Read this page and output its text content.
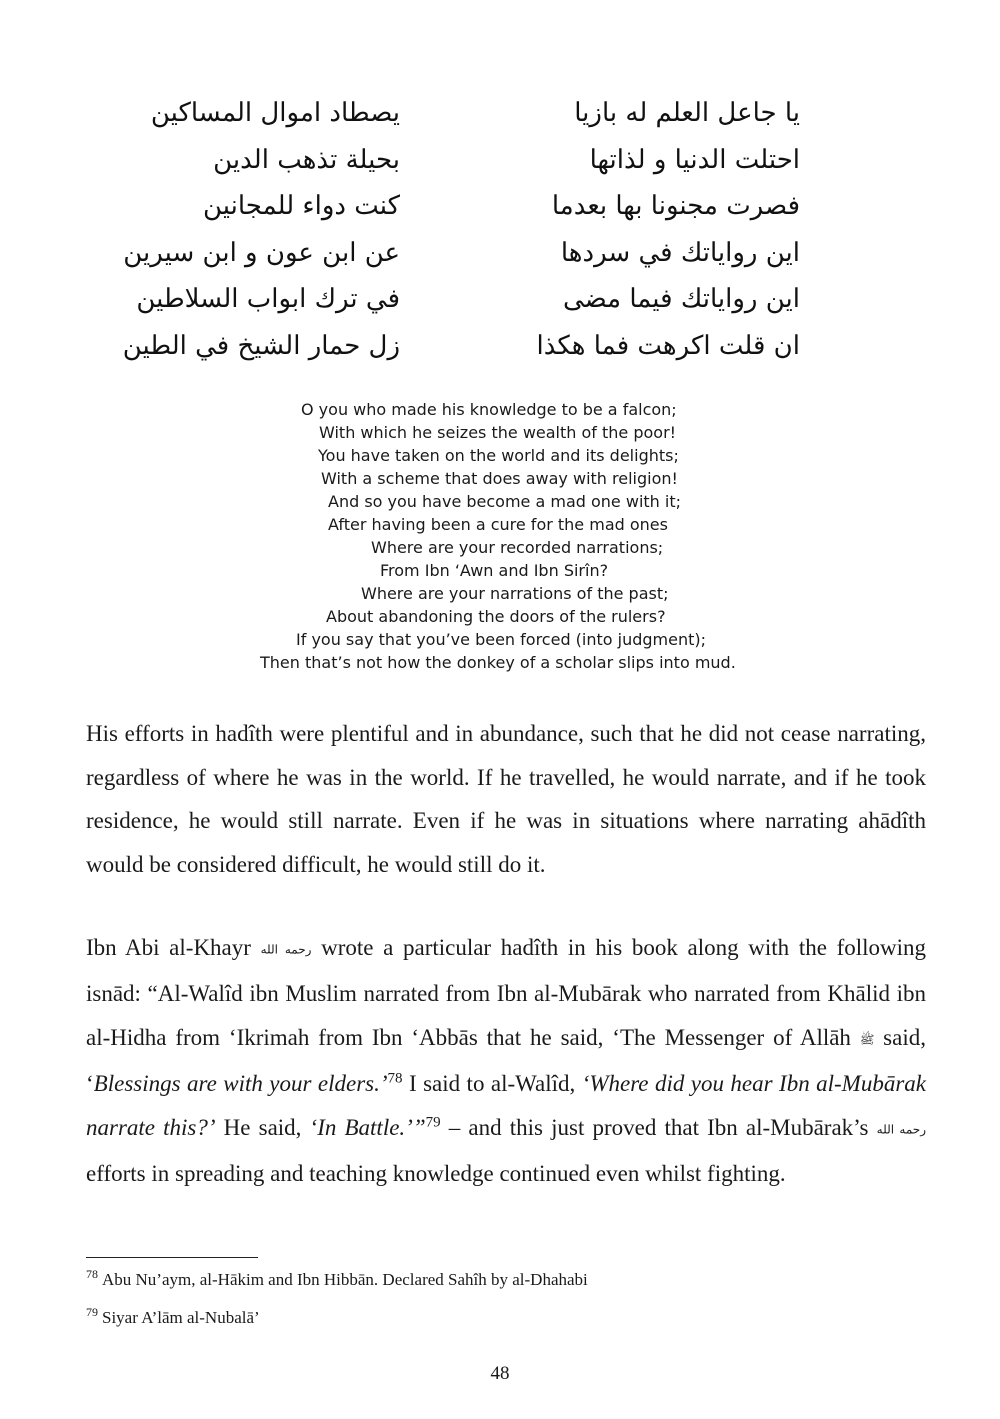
يا جاعل العلم له بازيا
احتلت الدنيا و لذاتها
فصرت مجنونا بها بعدما
اين رواياتك في سردها
اين رواياتك فيما مضى
ان قلت اكرهت فما هكذا
يصطاد اموال المساكين
بحيلة تذهب الدين
كنت دواء للمجانين
عن ابن عون و ابن سيرين
في ترك ابواب السلاطين
زل حمار الشيخ في الطين
O you who made his knowledge to be a falcon;
With which he seizes the wealth of the poor!
You have taken on the world and its delights;
With a scheme that does away with religion!
And so you have become a mad one with it;
After having been a cure for the mad ones
Where are your recorded narrations;
From Ibn ‘Awn and Ibn Sirîn?
Where are your narrations of the past;
About abandoning the doors of the rulers?
If you say that you’ve been forced (into judgment);
Then that’s not how the donkey of a scholar slips into mud.

His efforts in hadîth were plentiful and in abundance, such that he did not cease narrating, regardless of where he was in the world. If he travelled, he would narrate, and if he took residence, he would still narrate. Even if he was in situations where narrating ahādîth would be considered difficult, he would still do it.

Ibn Abi al-Khayr رحمه الله wrote a particular hadîth in his book along with the following isnād: “Al-Walîd ibn Muslim narrated from Ibn al-Mubārak who narrated from Khālid ibn al-Hidha from ‘Ikrimah from Ibn ‘Abbās that he said, ‘The Messenger of Allāh ﷺ said, ‘Blessings are with your elders.’$^{78}$ I said to al-Walîd, ‘Where did you hear Ibn al-Mubārak narrate this?’ He said, ‘In Battle.’”$^{79}$ – and this just proved that Ibn al-Mubārak’s رحمه الله efforts in spreading and teaching knowledge continued even whilst fighting.

$^{78}$ Abu Nu’aym, al-Hākim and Ibn Hibbān. Declared Sahîh by al-Dhahabi
$^{79}$ Siyar A’lām al-Nubalā’
48
